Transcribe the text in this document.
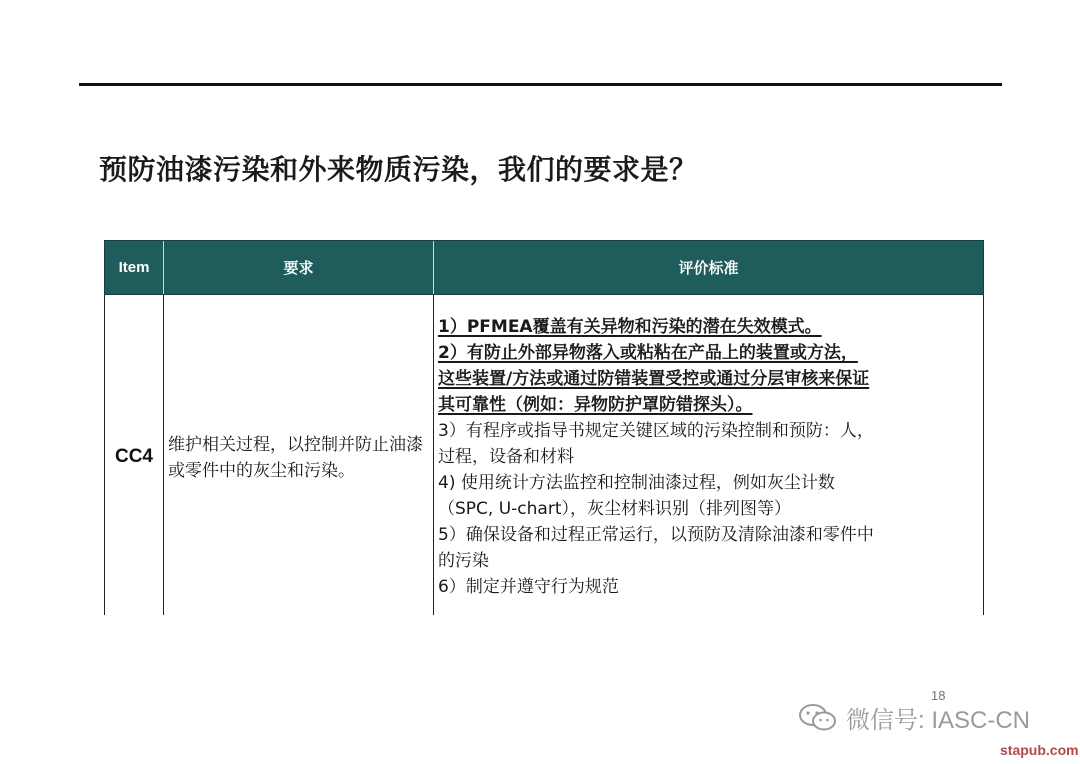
预防油漆污染和外来物质污染，我们的要求是？
Item	要求	评价标准
CC4
维护相关过程，以控制并防止油漆或零件中的灰尘和污染。
1）PFMEA覆盖有关异物和污染的潜在失效模式。
2）有防止外部异物落入或粘粘在产品上的装置或方法，
这些装置/方法或通过防错装置受控或通过分层审核来保证
其可靠性（例如：异物防护罩防错探头）。
3）有程序或指导书规定关键区域的污染控制和预防：人，
过程，设备和材料
4) 使用统计方法监控和控制油漆过程，例如灰尘计数
（SPC, U-chart），灰尘材料识别（排列图等）
5）确保设备和过程正常运行，以预防及清除油漆和零件中
的污染
6）制定并遵守行为规范
18
微信号: IASC-CN
stapub.com
